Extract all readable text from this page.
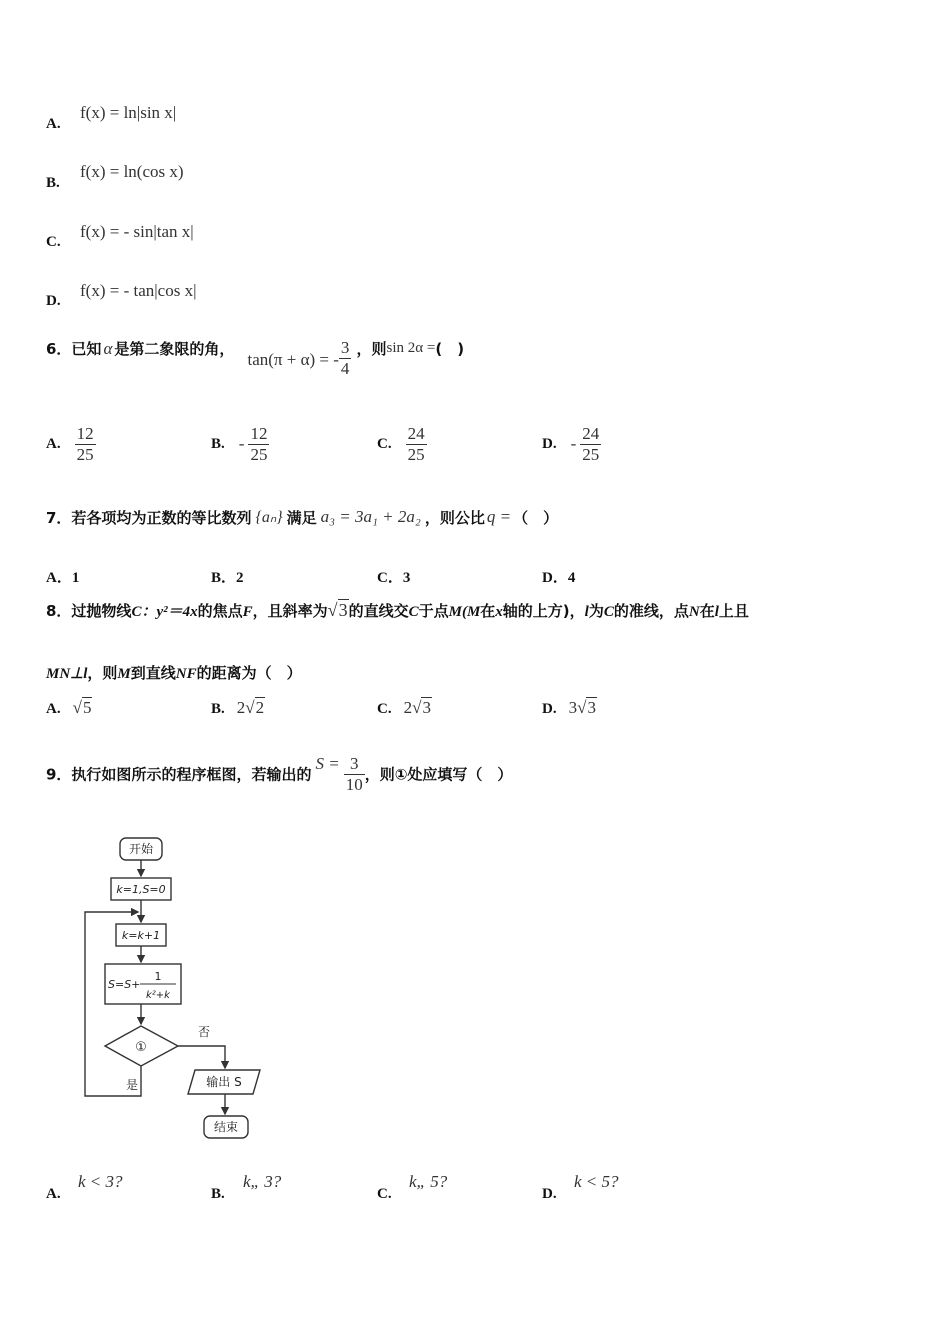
A.
f(x) = ln|sin x|
B.
f(x) = ln(cos x)
C.
f(x) = - sin|tan x|
D.
f(x) = - tan|cos x|
6．已知 α 是第二象限的角， tan(π + α) = - $\frac{3}{4}$ ，则sin 2α =(　)
A. $\frac{12}{25}$	B. - $\frac{12}{25}$	C. $\frac{24}{25}$	D. - $\frac{24}{25}$
7．若各项均为正数的等比数列 {aₙ} 满足 a₃ = 3a₁ + 2a₂ ，则公比 q = （　）
A．1	B．2	C．3	D．4
8．过抛物线C：y²＝4x的焦点F，且斜率为√3的直线交C于点M(M在x轴的上方)，l为C的准线，点N在l上且
MN⊥l，则M到直线NF的距离为（　）
A. √5	B. 2√2	C. 2√3	D. 3√3
9．执行如图所示的程序框图，若输出的$S = \frac{3}{10}$ ，则①处应填写（　）
开始
k=1,S=0
k=k+1
S=S+
1
k²+k
①
否
是	输出 S
结束
A.
k < 3?
B.
k„ 3?
C.
k„ 5?
D.
k < 5?
